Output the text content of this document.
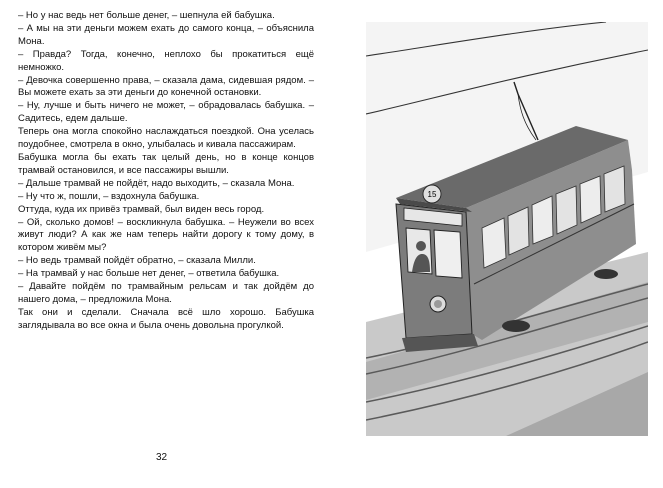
– Но у нас ведь нет больше денег, – шепнула ей бабушка.

– А мы на эти деньги можем ехать до самого конца, – объяснила Мона.

– Правда? Тогда, конечно, неплохо бы прокатиться ещё немножко.

– Девочка совершенно права, – сказала дама, сидевшая рядом. – Вы можете ехать за эти деньги до конечной остановки.

– Ну, лучше и быть ничего не может, – обрадовалась бабушка. – Садитесь, едем дальше.

Теперь она могла спокойно наслаждаться поездкой. Она уселась поудобнее, смотрела в окно, улыбалась и кивала пассажирам.

Бабушка могла бы ехать так целый день, но в конце концов трамвай остановился, и все пассажиры вышли.

– Дальше трамвай не пойдёт, надо выходить, – сказала Мона.

– Ну что ж, пошли, – вздохнула бабушка.

Оттуда, куда их привёз трамвай, был виден весь город.

– Ой, сколько домов! – воскликнула бабушка. – Неужели во всех живут люди? А как же нам теперь найти дорогу к тому дому, в котором живём мы?

– Но ведь трамвай пойдёт обратно, – сказала Милли.

– На трамвай у нас больше нет денег, – ответила бабушка.

– Давайте пойдём по трамвайным рельсам и так дойдём до нашего дома, – предложила Мона.

Так они и сделали. Сначала всё шло хорошо. Бабушка заглядывала во все окна и была очень довольна прогулкой.

32
15
